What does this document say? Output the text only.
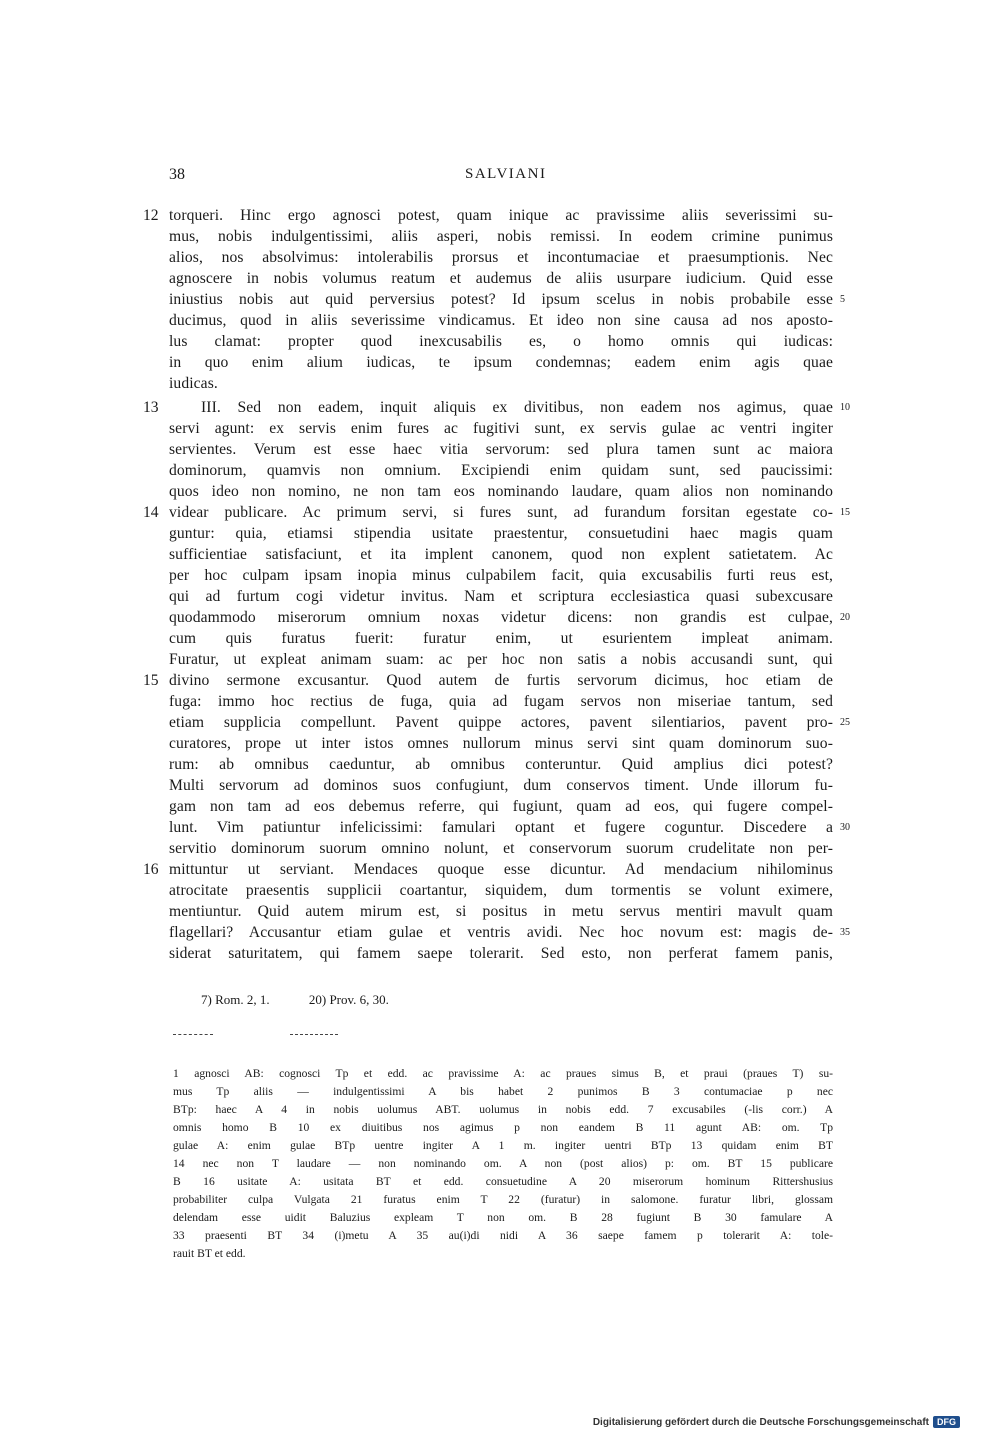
38	SALVIANI
torqueri. Hinc ergo agnosci potest, quam inique ac pravissime aliis severissimi su-
mus, nobis indulgentissimi, aliis asperi, nobis remissi. In eodem crimine punimus
alios, nos absolvimus: intolerabilis prorsus et incontumaciae et praesumptionis. Nec
agnoscere in nobis volumus reatum et audemus de aliis usurpare iudicium. Quid esse
iniustius nobis aut quid perversius potest? Id ipsum scelus in nobis probabile esse
ducimus, quod in aliis severissime vindicamus. Et ideo non sine causa ad nos aposto-
lus clamat: propter quod inexcusabilis es, o homo omnis qui iudicas:
in quo enim alium iudicas, te ipsum condemnas; eadem enim agis quae
iudicas.
III. Sed non eadem, inquit aliquis ex divitibus, non eadem nos agimus, quae
servi agunt: ex servis enim fures ac fugitivi sunt, ex servis gulae ac ventri ingiter
servientes. Verum est esse haec vitia servorum: sed plura tamen sunt ac maiora
dominorum, quamvis non omnium. Excipiendi enim quidam sunt, sed paucissimi:
quos ideo non nomino, ne non tam eos nominando laudare, quam alios non nominando
videar publicare. Ac primum servi, si fures sunt, ad furandum forsitan egestate co-
guntur: quia, etiamsi stipendia usitate praestentur, consuetudini haec magis quam
sufficientiae satisfaciunt, et ita implent canonem, quod non explent satietatem. Ac
per hoc culpam ipsam inopia minus culpabilem facit, quia excusabilis furti reus est,
qui ad furtum cogi videtur invitus. Nam et scriptura ecclesiastica quasi subexcusare
quodammodo miserorum omnium noxas videtur dicens: non grandis est culpae,
cum quis furatus fuerit: furatur enim, ut esurientem impleat animam.
Furatur, ut expleat animam suam: ac per hoc non satis a nobis accusandi sunt, qui
divino sermone excusantur. Quod autem de furtis servorum dicimus, hoc etiam de
fuga: immo hoc rectius de fuga, quia ad fugam servos non miseriae tantum, sed
etiam supplicia compellunt. Pavent quippe actores, pavent silentiarios, pavent pro-
curatores, prope ut inter istos omnes nullorum minus servi sint quam dominorum suo-
rum: ab omnibus caeduntur, ab omnibus conteruntur. Quid amplius dici potest?
Multi servorum ad dominos suos confugiunt, dum conservos timent. Unde illorum fu-
gam non tam ad eos debemus referre, qui fugiunt, quam ad eos, qui fugere compel-
lunt. Vim patiuntur infelicissimi: famulari optant et fugere coguntur. Discedere a
servitio dominorum suorum omnino nolunt, et conservorum suorum crudelitate non per-
mittuntur ut serviant. Mendaces quoque esse dicuntur. Ad mendacium nihilominus
atrocitate praesentis supplicii coartantur, siquidem, dum tormentis se volunt eximere,
mentiuntur. Quid autem mirum est, si positus in metu servus mentiri mavult quam
flagellari? Accusantur etiam gulae et ventris avidi. Nec hoc novum est: magis de-
siderat saturitatem, qui famem saepe tolerarit. Sed esto, non perferat famem panis,
12
13
14
15
16
5
10
15
20
25
30
35
7) Rom. 2, 1.	20) Prov. 6, 30.
1 agnosci AB: cognosci Tp et edd. ac pravissime A: ac praues simus B, et praui (praues T) su-
mus Tp aliis — indulgentissimi A bis habet 2 punimos B 3 contumaciae p nec
BTp: haec A 4 in nobis uolumus ABT. uolumus in nobis edd. 7 excusabiles (-lis corr.) A
omnis homo B 10 ex diuitibus nos agimus p non eandem B 11 agunt AB: om. Tp
gulae A: enim gulae BTp uentre ingiter A 1 m. ingiter uentri BTp 13 quidam enim BT
14 nec non T laudare — non nominando om. A non (post alios) p: om. BT 15 publicare
B 16 usitate A: usitata BT et edd. consuetudine A 20 miserorum hominum Rittershusius
probabiliter culpa Vulgata 21 furatus enim T 22 (furatur) in salomone. furatur libri, glossam
delendam esse uidit Baluzius expleam T non om. B 28 fugiunt B 30 famulare A
33 praesenti BT 34 (i)metu A 35 au(i)di nidi A 36 saepe famem p tolerarit A: tole-
rauit BT et edd.
Digitalisierung gefördert durch die Deutsche Forschungsgemeinschaft DFG
